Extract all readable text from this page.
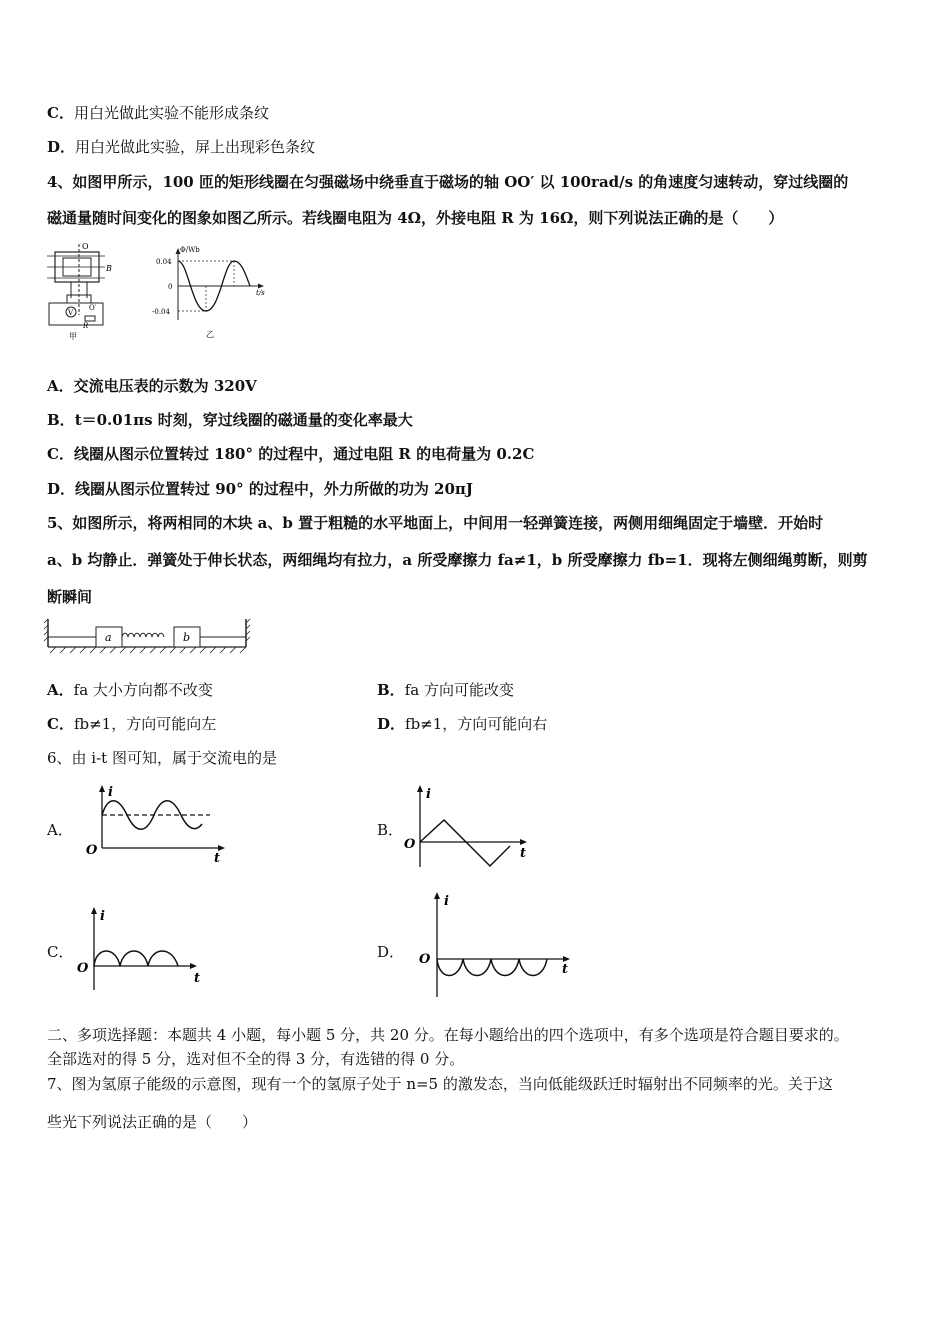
C．用白光做此实验不能形成条纹
D．用白光做此实验，屏上出现彩色条纹
4、如图甲所示，100 匝的矩形线圈在匀强磁场中绕垂直于磁场的轴 OO′ 以 100rad/s 的角速度匀速转动，穿过线圈的
磁通量随时间变化的图象如图乙所示。若线圈电阻为 4Ω，外接电阻 R 为 16Ω，则下列说法正确的是（　　）
O
B
O′
V
R
甲
Φ/Wb
t/s
0.04
0
-0.04
乙
A．交流电压表的示数为 320V
B．t＝0.01πs 时刻，穿过线圈的磁通量的变化率最大
C．线圈从图示位置转过 180° 的过程中，通过电阻 R 的电荷量为 0.2C
D．线圈从图示位置转过 90° 的过程中，外力所做的功为 20πJ
5、如图所示，将两相同的木块 a、b 置于粗糙的水平地面上，中间用一轻弹簧连接，两侧用细绳固定于墙壁．开始时
a、b 均静止．弹簧处于伸长状态，两细绳均有拉力，a 所受摩擦力 fa≠1，b 所受摩擦力 fb=1．现将左侧细绳剪断，则剪
断瞬间
a	b
A．fa 大小方向都不改变	B．fa 方向可能改变
C．fb≠1，方向可能向左	D．fb≠1，方向可能向右
6、由 i-t 图可知，属于交流电的是
A．
i
t
O
B．
i
t
O
C．
i
t
O
D．
i
t
O
二、多项选择题：本题共 4 小题，每小题 5 分，共 20 分。在每小题给出的四个选项中，有多个选项是符合题目要求的。
全部选对的得 5 分，选对但不全的得 3 分，有选错的得 0 分。
7、图为氢原子能级的示意图，现有一个的氢原子处于 n=5 的激发态，当向低能级跃迁时辐射出不同频率的光。关于这
些光下列说法正确的是（　　）
